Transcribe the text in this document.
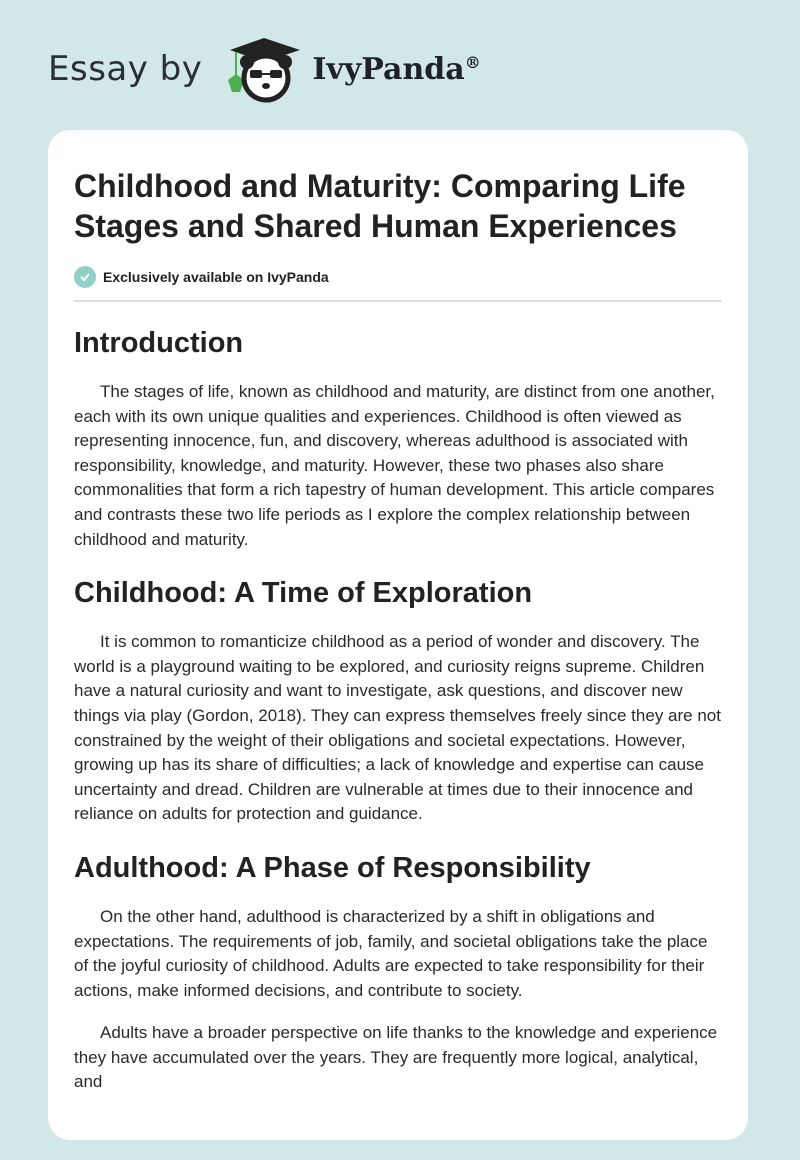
Essay by	IvyPanda®
Childhood and Maturity: Comparing Life Stages and Shared Human Experiences
Exclusively available on IvyPanda
Introduction

The stages of life, known as childhood and maturity, are distinct from one another, each with its own unique qualities and experiences. Childhood is often viewed as representing innocence, fun, and discovery, whereas adulthood is associated with responsibility, knowledge, and maturity. However, these two phases also share commonalities that form a rich tapestry of human development. This article compares and contrasts these two life periods as I explore the complex relationship between childhood and maturity.

Childhood: A Time of Exploration

It is common to romanticize childhood as a period of wonder and discovery. The world is a playground waiting to be explored, and curiosity reigns supreme. Children have a natural curiosity and want to investigate, ask questions, and discover new things via play (Gordon, 2018). They can express themselves freely since they are not constrained by the weight of their obligations and societal expectations. However, growing up has its share of difficulties; a lack of knowledge and expertise can cause uncertainty and dread. Children are vulnerable at times due to their innocence and reliance on adults for protection and guidance.

Adulthood: A Phase of Responsibility

On the other hand, adulthood is characterized by a shift in obligations and expectations. The requirements of job, family, and societal obligations take the place of the joyful curiosity of childhood. Adults are expected to take responsibility for their actions, make informed decisions, and contribute to society.

Adults have a broader perspective on life thanks to the knowledge and experience they have accumulated over the years. They are frequently more logical, analytical, and
